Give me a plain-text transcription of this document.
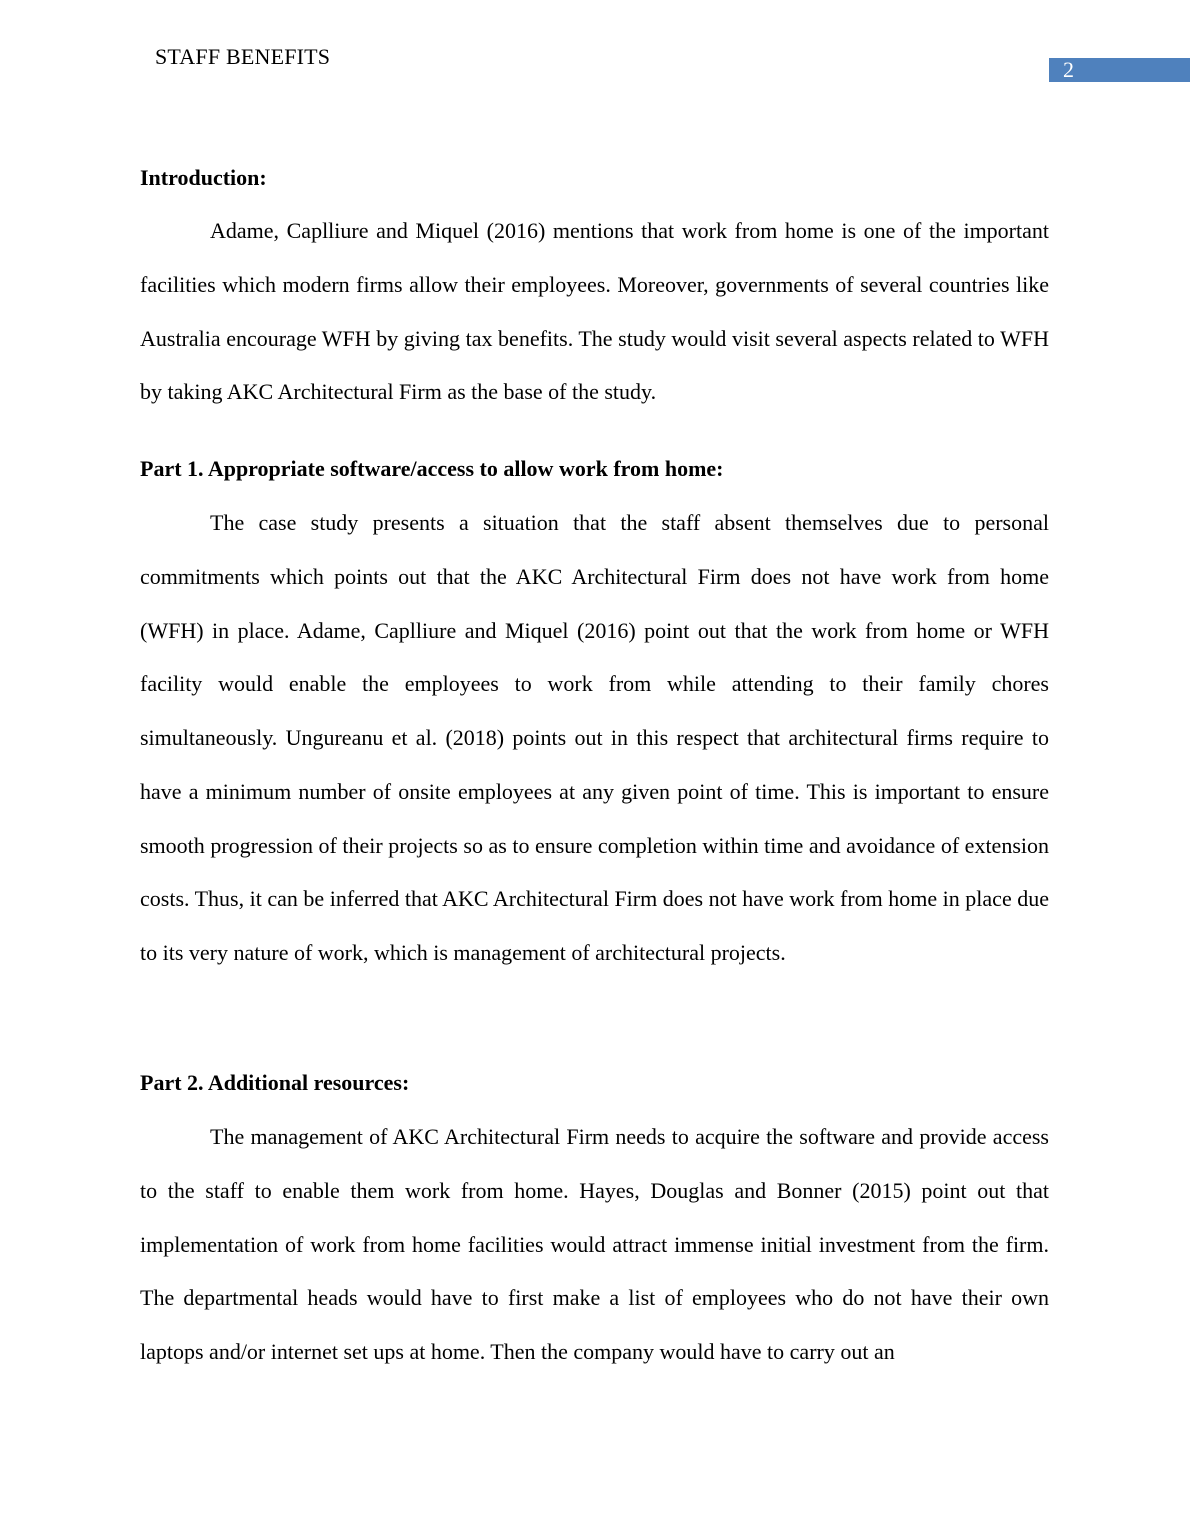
STAFF BENEFITS
2
Introduction:

Adame, Caplliure and Miquel (2016) mentions that work from home is one of the important facilities which modern firms allow their employees. Moreover, governments of several countries like Australia encourage WFH by giving tax benefits. The study would visit several aspects related to WFH by taking AKC Architectural Firm as the base of the study.

Part 1. Appropriate software/access to allow work from home:

The case study presents a situation that the staff absent themselves due to personal commitments which points out that the AKC Architectural Firm does not have work from home (WFH) in place. Adame, Caplliure and Miquel (2016) point out that the work from home or WFH facility would enable the employees to work from while attending to their family chores simultaneously. Ungureanu et al. (2018) points out in this respect that architectural firms require to have a minimum number of onsite employees at any given point of time. This is important to ensure smooth progression of their projects so as to ensure completion within time and avoidance of extension costs. Thus, it can be inferred that AKC Architectural Firm does not have work from home in place due to its very nature of work, which is management of architectural projects.

Part 2. Additional resources:

The management of AKC Architectural Firm needs to acquire the software and provide access to the staff to enable them work from home. Hayes, Douglas and Bonner (2015) point out that implementation of work from home facilities would attract immense initial investment from the firm. The departmental heads would have to first make a list of employees who do not have their own laptops and/or internet set ups at home. Then the company would have to carry out an
